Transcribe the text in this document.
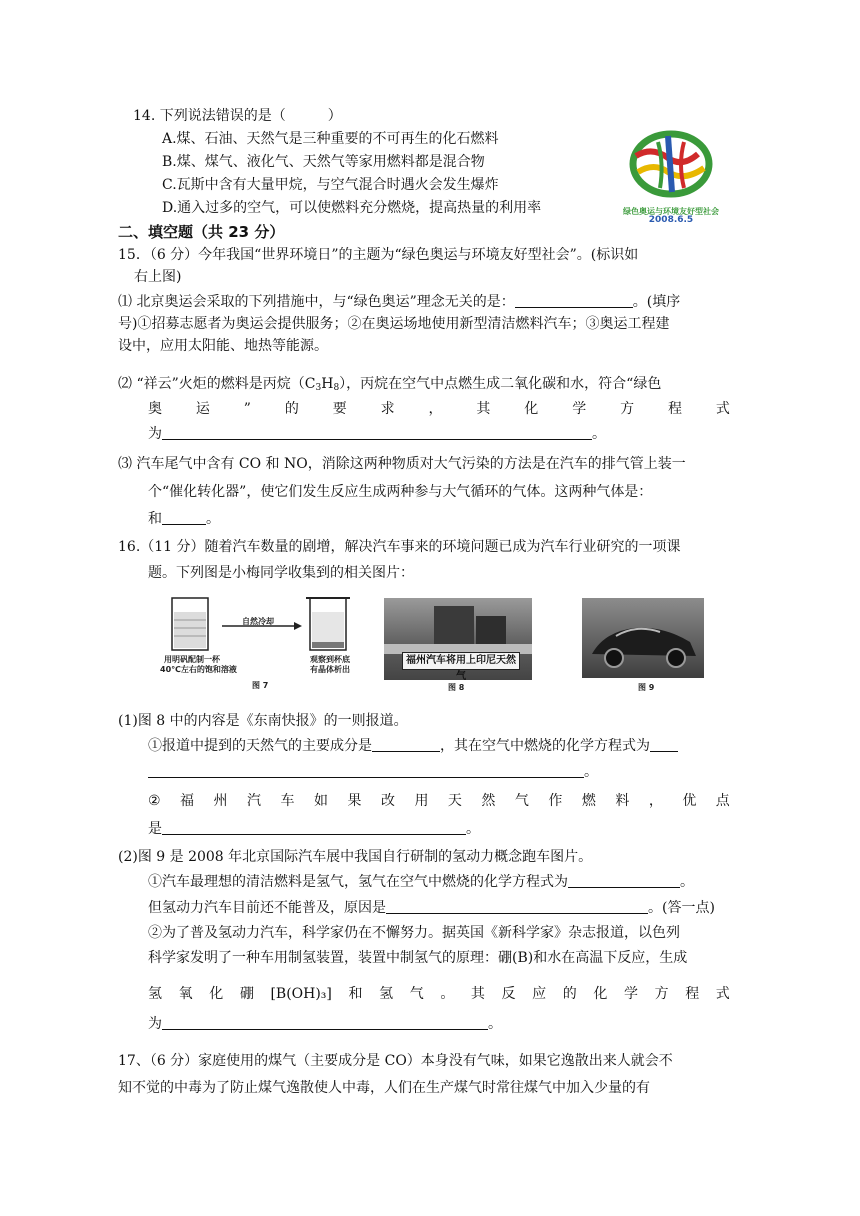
14. 下列说法错误的是（　　　）
A.煤、石油、天然气是三种重要的不可再生的化石燃料
B.煤、煤气、液化气、天然气等家用燃料都是混合物
C.瓦斯中含有大量甲烷，与空气混合时遇火会发生爆炸
D.通入过多的空气，可以使燃料充分燃烧，提高热量的利用率	绿色奥运与环境友好型社会
2008.6.5
二、填空题（共 23 分）
15．（6 分）今年我国“世界环境日”的主题为“绿色奥运与环境友好型社会”。(标识如
右上图)
⑴ 北京奥运会采取的下列措施中，与“绿色奥运”理念无关的是：	。(填序
号)①招募志愿者为奥运会提供服务；②在奥运场地使用新型清洁燃料汽车；③奥运工程建
设中，应用太阳能、地热等能源。
⑵ “祥云”火炬的燃料是丙烷$(C_3H_8)$，丙烷在空气中点燃生成二氧化碳和水，符合“绿色
奥 运 ” 的 要 求 ， 其 化 学 方 程 式
为	。
⑶ 汽车尾气中含有 CO 和 NO，消除这两种物质对大气污染的方法是在汽车的排气管上装一
个“催化转化器”，使它们发生反应生成两种参与大气循环的气体。这两种气体是：
和	。
16.（11 分）随着汽车数量的剧增，解决汽车事来的环境问题已成为汽车行业研究的一项课
题。下列图是小梅同学收集到的相关图片：
自然冷却
用明矾配制一杯
40℃左右的饱和溶液
观察到杯底
有晶体析出
图 7
福州汽车将用上印尼天然气
图 8	图 9
(1)图 8 中的内容是《东南快报》的一则报道。
①报道中提到的天然气的主要成分是	，其在空气中燃烧的化学方程式为
。
② 福 州 汽 车 如 果 改 用 天 然 气 作 燃 料 ， 优 点
是	。
(2)图 9 是 2008 年北京国际汽车展中我国自行研制的氢动力概念跑车图片。
①汽车最理想的清洁燃料是氢气，氢气在空气中燃烧的化学方程式为	。
但氢动力汽车目前还不能普及，原因是	。(答一点)
②为了普及氢动力汽车，科学家仍在不懈努力。据英国《新科学家》杂志报道，以色列
科学家发明了一种车用制氢装置，装置中制氢气的原理：硼(B)和水在高温下反应，生成
氢 氧 化 硼 [B(OH)₃] 和 氢 气 。 其 反 应 的 化 学 方 程 式
为	。
17、（6 分）家庭使用的煤气（主要成分是 CO）本身没有气味，如果它逸散出来人就会不
知不觉的中毒为了防止煤气逸散使人中毒，人们在生产煤气时常往煤气中加入少量的有
